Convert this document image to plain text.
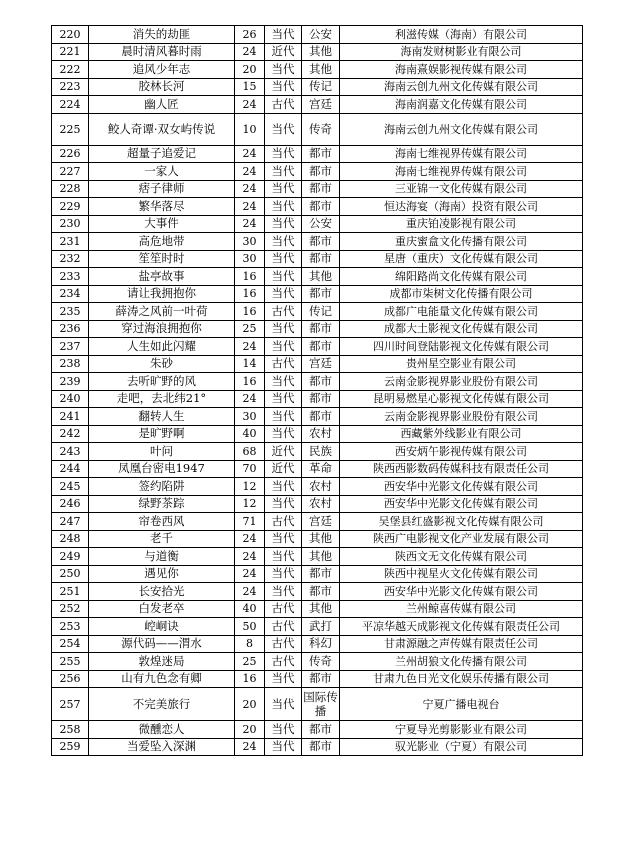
220	消失的劫匪	26	当代	公安	利滋传媒（海南）有限公司
221	晨时清风暮时雨	24	近代	其他	海南发财树影业有限公司
222	追风少年志	20	当代	其他	海南熹娱影视传媒有限公司
223	胶林长河	15	当代	传记	海南云创九州文化传媒有限公司
224	幽人匠	24	古代	宫廷	海南润嘉文化传媒有限公司
225	鲛人奇谭·双女屿传说	10	当代	传奇	海南云创九州文化传媒有限公司
226	超量子追爱记	24	当代	都市	海南七维视界传媒有限公司
227	一家人	24	当代	都市	海南七维视界传媒有限公司
228	痞子律师	24	当代	都市	三亚锦一文化传媒有限公司
229	繁华落尽	24	当代	都市	恒达海宴（海南）投资有限公司
230	大事件	24	当代	公安	重庆铂凌影视有限公司
231	高危地带	30	当代	都市	重庆蜜盒文化传播有限公司
232	笙笙时时	30	当代	都市	星唐（重庆）文化传媒有限公司
233	盐亭故事	16	当代	其他	绵阳路尚文化传媒有限公司
234	请让我拥抱你	16	当代	都市	成都市柒树文化传播有限公司
235	薛涛之风前一叶荷	16	古代	传记	成都广电能量文化传媒有限公司
236	穿过海浪拥抱你	25	当代	都市	成都大土影视文化传媒有限公司
237	人生如此闪耀	24	当代	都市	四川时间登陆影视文化传媒有限公司
238	朱砂	14	古代	宫廷	贵州星空影业有限公司
239	去听旷野的风	16	当代	都市	云南金影视界影业股份有限公司
240	走吧，去北纬21°	24	当代	都市	昆明易燃星心影视文化传媒有限公司
241	翻转人生	30	当代	都市	云南金影视界影业股份有限公司
242	是旷野啊	40	当代	农村	西藏紫外线影业有限公司
243	叶问	68	近代	民族	西安炳午影视传媒有限公司
244	凤凰台密电1947	70	近代	革命	陕西西影数码传媒科技有限责任公司
245	签约陷阱	12	当代	农村	西安华中光影文化传媒有限公司
246	绿野茶踪	12	当代	农村	西安华中光影文化传媒有限公司
247	帘卷西风	71	古代	宫廷	吴堡县红盛影视文化传媒有限公司
248	老千	24	当代	其他	陕西广电影视文化产业发展有限公司
249	与道衡	24	当代	其他	陕西文无文化传媒有限公司
250	遇见你	24	当代	都市	陕西中视星火文化传媒有限公司
251	长安拾光	24	当代	都市	西安华中光影文化传媒有限公司
252	白发老卒	40	古代	其他	兰州鲸喜传媒有限公司
253	崆峒诀	50	古代	武打	平凉华越天成影视文化传媒有限责任公司
254	源代码——渭水	8	古代	科幻	甘肃源融之声传媒有限责任公司
255	敦煌迷局	25	古代	传奇	兰州胡狼文化传播有限公司
256	山有九色念有卿	16	当代	都市	甘肃九色日光文化娱乐传播有限公司
257	不完美旅行	20	当代	国际传播	宁夏广播电视台
258	微醺恋人	20	当代	都市	宁夏导光剪影影业有限公司
259	当爱坠入深渊	24	当代	都市	驭光影业（宁夏）有限公司
